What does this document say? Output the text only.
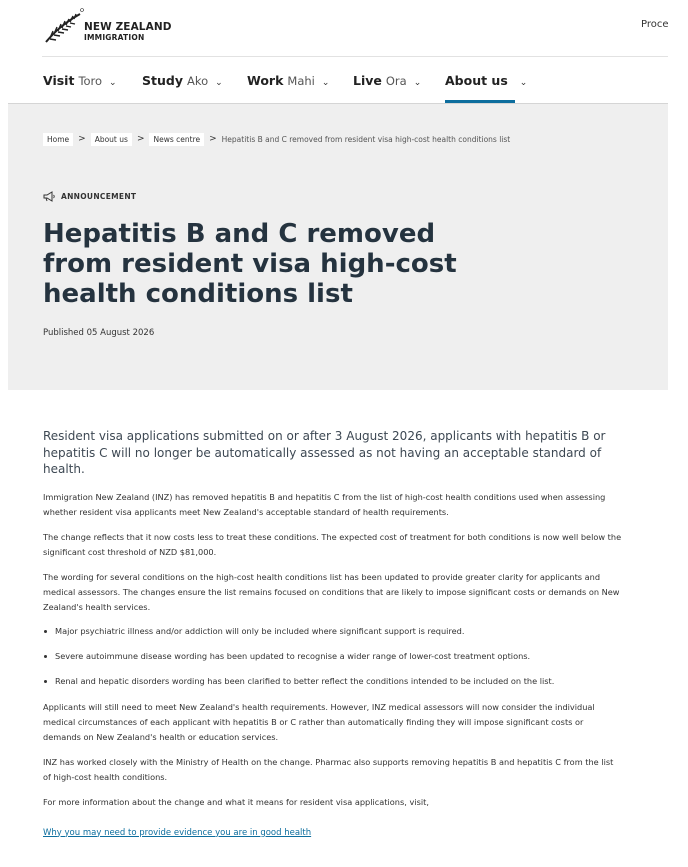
NEW ZEALAND
IMMIGRATION
Proce
Visit Toro ⌄ Study Ako ⌄ Work Mahi ⌄ Live Ora ⌄ About us ⌄
Home	>	About us	>	News centre	> Hepatitis B and C removed from resident visa high-cost health conditions list
ANNOUNCEMENT
Hepatitis B and C removed from resident visa high-cost health conditions list
Published 05 August 2026

Resident visa applications submitted on or after 3 August 2026, applicants with hepatitis B or hepatitis C will no longer be automatically assessed as not having an acceptable standard of health.

Immigration New Zealand (INZ) has removed hepatitis B and hepatitis C from the list of high-cost health conditions used when assessing whether resident visa applicants meet New Zealand's acceptable standard of health requirements.

The change reflects that it now costs less to treat these conditions. The expected cost of treatment for both conditions is now well below the significant cost threshold of NZD $81,000.

The wording for several conditions on the high-cost health conditions list has been updated to provide greater clarity for applicants and medical assessors. The changes ensure the list remains focused on conditions that are likely to impose significant costs or demands on New Zealand's health services.

Major psychiatric illness and/or addiction will only be included where significant support is required.
Severe autoimmune disease wording has been updated to recognise a wider range of lower-cost treatment options.
Renal and hepatic disorders wording has been clarified to better reflect the conditions intended to be included on the list.

Applicants will still need to meet New Zealand's health requirements. However, INZ medical assessors will now consider the individual medical circumstances of each applicant with hepatitis B or C rather than automatically finding they will impose significant costs or demands on New Zealand's health or education services.

INZ has worked closely with the Ministry of Health on the change. Pharmac also supports removing hepatitis B and hepatitis C from the list of high-cost health conditions.

For more information about the change and what it means for resident visa applications, visit,

Why you may need to provide evidence you are in good health
